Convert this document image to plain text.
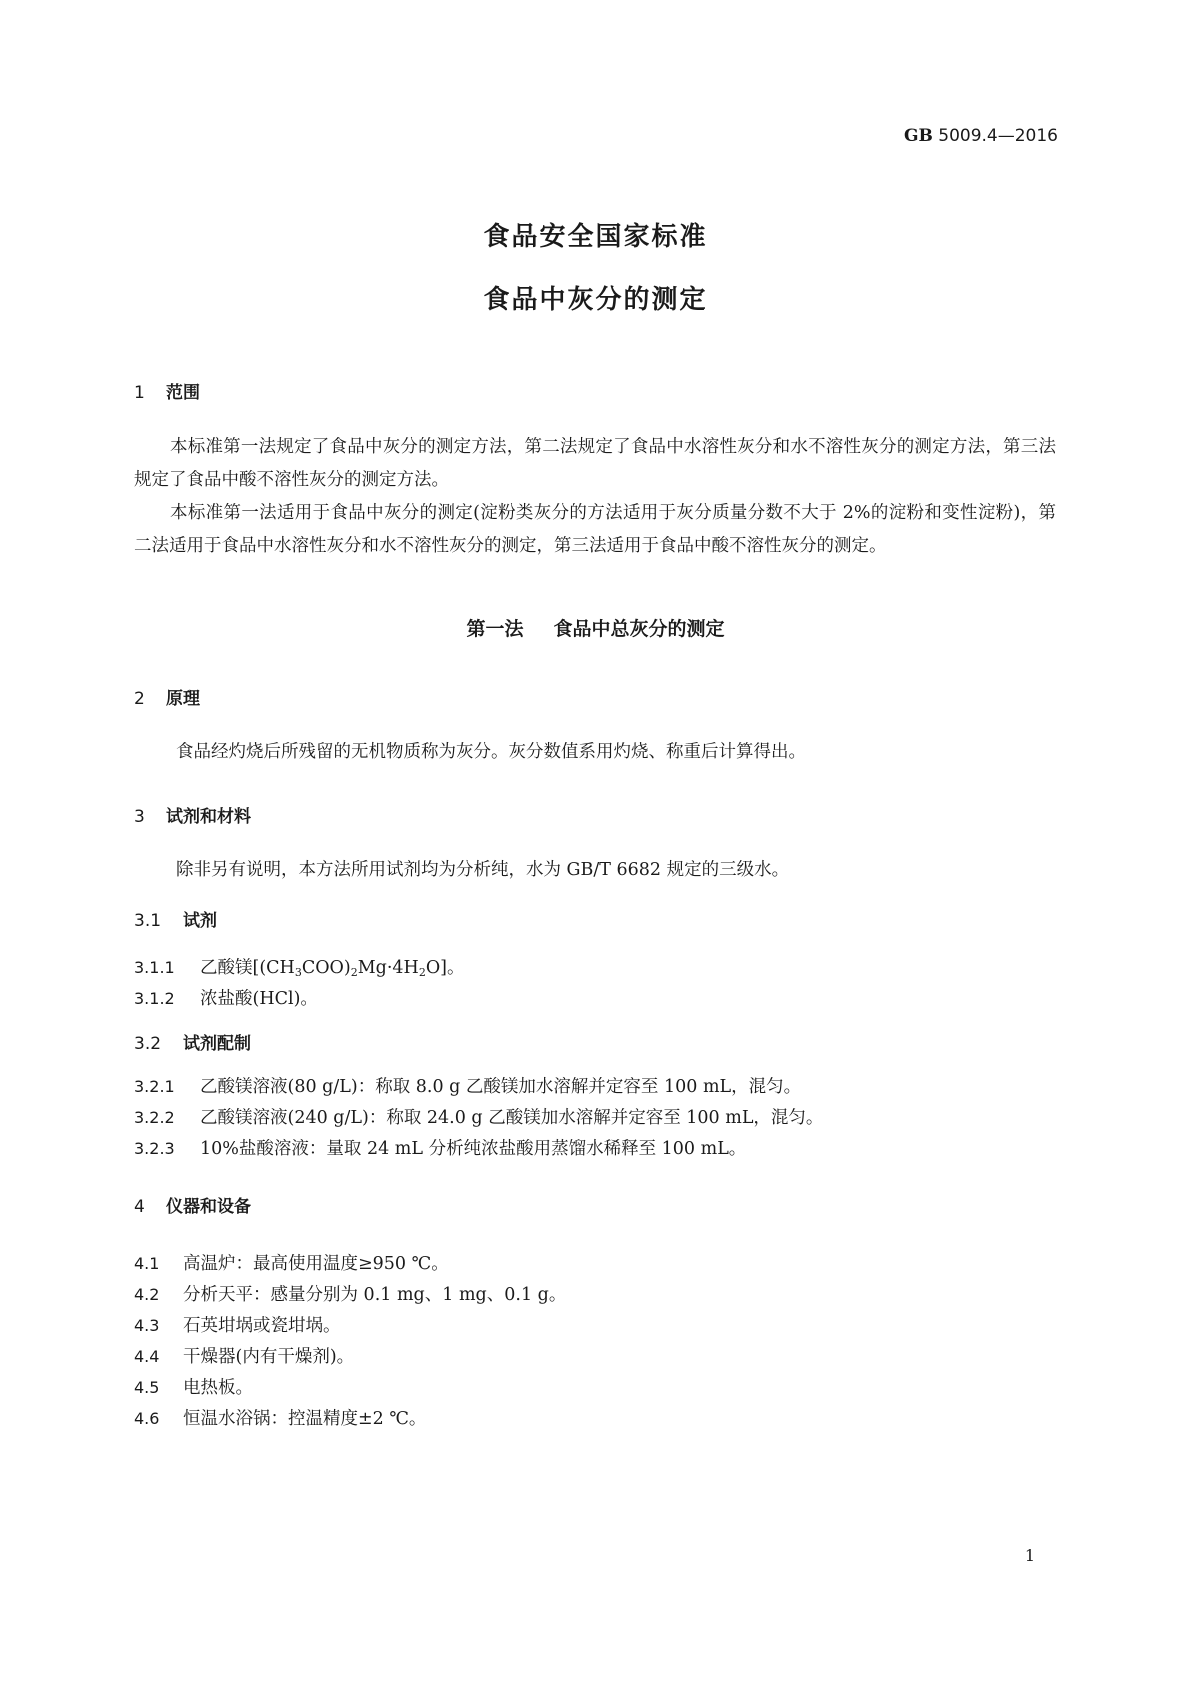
GB 5009.4—2016
食品安全国家标准
食品中灰分的测定
1 范围

本标准第一法规定了食品中灰分的测定方法，第二法规定了食品中水溶性灰分和水不溶性灰分的测定方法，第三法规定了食品中酸不溶性灰分的测定方法。

本标准第一法适用于食品中灰分的测定(淀粉类灰分的方法适用于灰分质量分数不大于 2%的淀粉和变性淀粉)，第二法适用于食品中水溶性灰分和水不溶性灰分的测定，第三法适用于食品中酸不溶性灰分的测定。

第一法 食品中总灰分的测定
2 原理
食品经灼烧后所残留的无机物质称为灰分。灰分数值系用灼烧、称重后计算得出。
3 试剂和材料
除非另有说明，本方法所用试剂均为分析纯，水为 GB/T 6682 规定的三级水。
3.1 试剂
3.1.1 乙酸镁$[(CH_3COO)_2Mg\cdot 4H_2O]$。
3.1.2 浓盐酸(HCl)。
3.2 试剂配制
3.2.1 乙酸镁溶液(80 g/L)：称取 8.0 g 乙酸镁加水溶解并定容至 100 mL，混匀。
3.2.2 乙酸镁溶液(240 g/L)：称取 24.0 g 乙酸镁加水溶解并定容至 100 mL，混匀。
3.2.3 10%盐酸溶液：量取 24 mL 分析纯浓盐酸用蒸馏水稀释至 100 mL。
4 仪器和设备
4.1 高温炉：最高使用温度≥950 ℃。
4.2 分析天平：感量分别为 0.1 mg、1 mg、0.1 g。
4.3 石英坩埚或瓷坩埚。
4.4 干燥器(内有干燥剂)。
4.5 电热板。
4.6 恒温水浴锅：控温精度±2 ℃。
1
